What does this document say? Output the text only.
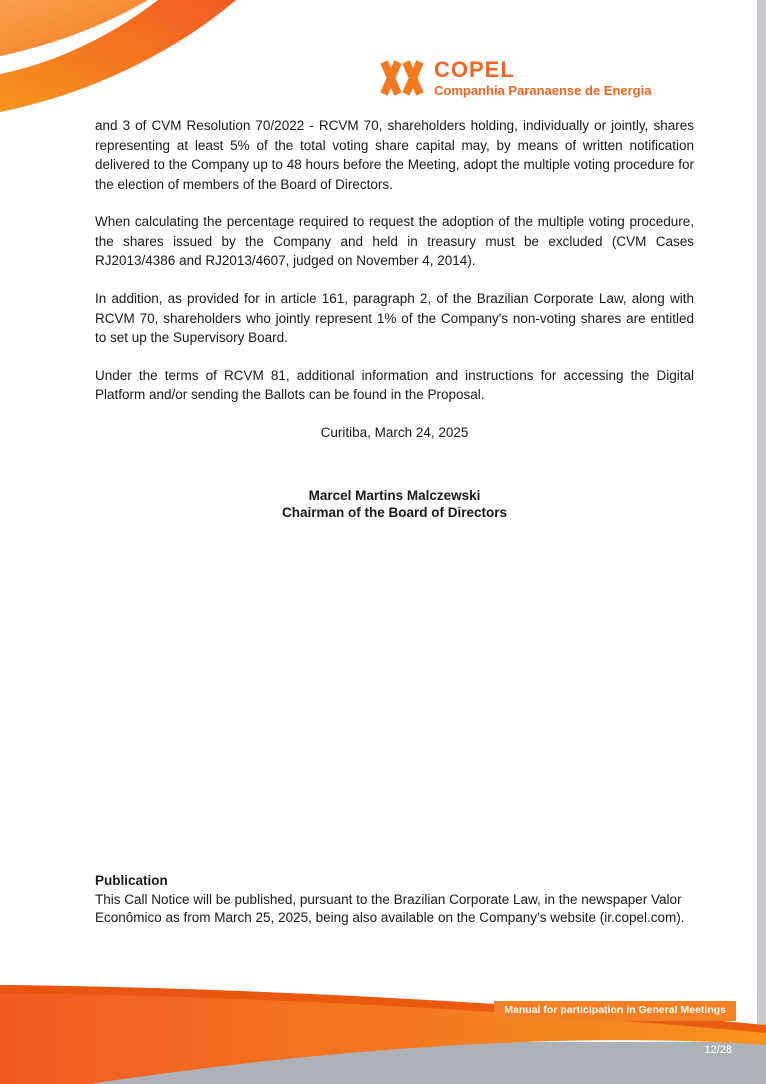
COPEL
Companhia Paranaense de Energia

and 3 of CVM Resolution 70/2022 - RCVM 70, shareholders holding, individually or jointly, shares representing at least 5% of the total voting share capital may, by means of written notification delivered to the Company up to 48 hours before the Meeting, adopt the multiple voting procedure for the election of members of the Board of Directors.

When calculating the percentage required to request the adoption of the multiple voting procedure, the shares issued by the Company and held in treasury must be excluded (CVM Cases RJ2013/4386 and RJ2013/4607, judged on November 4, 2014).

In addition, as provided for in article 161, paragraph 2, of the Brazilian Corporate Law, along with RCVM 70, shareholders who jointly represent 1% of the Company's non-voting shares are entitled to set up the Supervisory Board.

Under the terms of RCVM 81, additional information and instructions for accessing the Digital Platform and/or sending the Ballots can be found in the Proposal.

Curitiba, March 24, 2025

Marcel Martins Malczewski
Chairman of the Board of Directors
Publication
This Call Notice will be published, pursuant to the Brazilian Corporate Law, in the newspaper Valor Econômico as from March 25, 2025, being also available on the Company’s website (ir.copel.com).
Manual for participation in General Meetings
12/28
